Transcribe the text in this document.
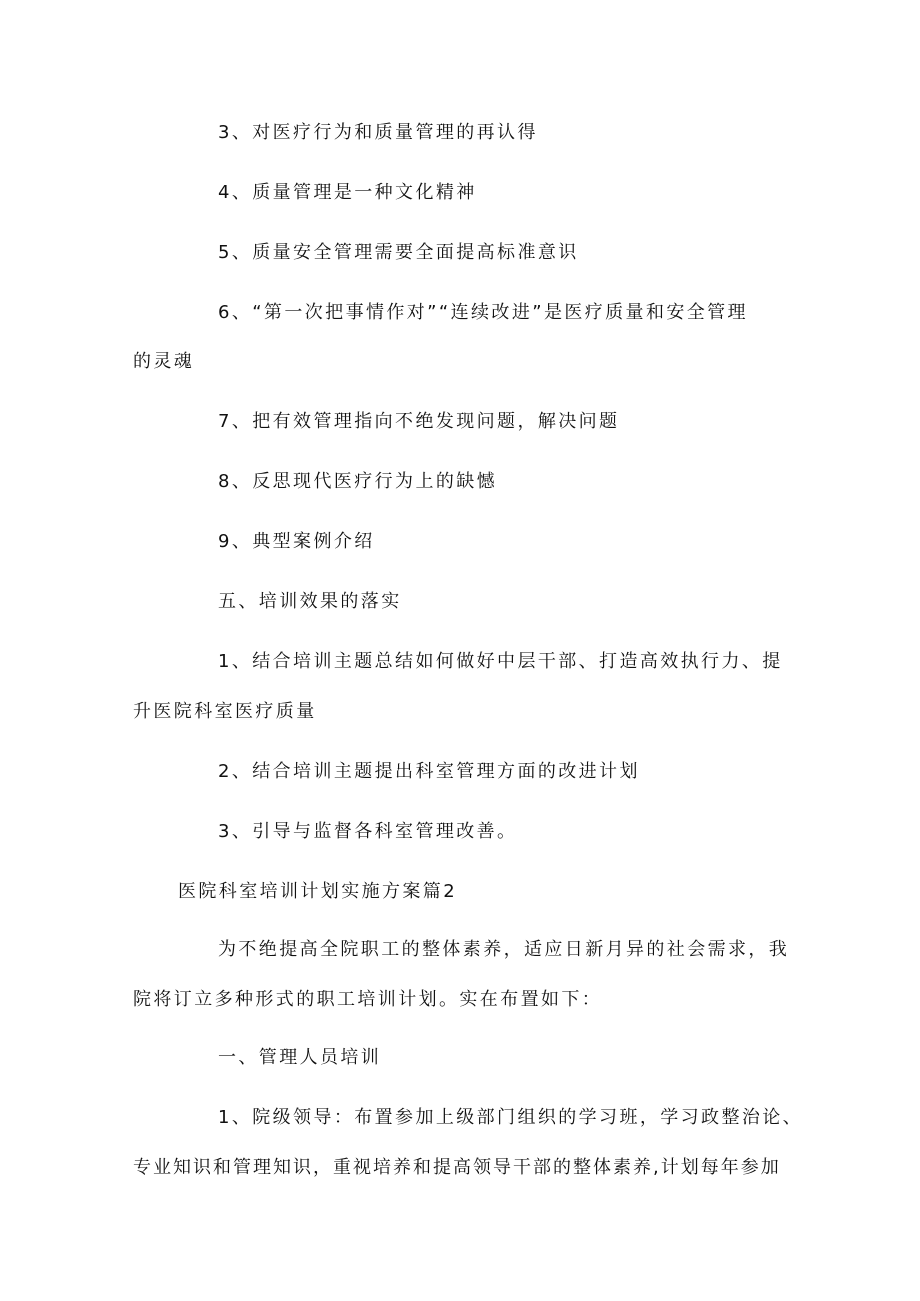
3、对医疗行为和质量管理的再认得
4、质量管理是一种文化精神
5、质量安全管理需要全面提高标准意识
6、“第一次把事情作对”“连续改进”是医疗质量和安全管理
的灵魂
7、把有效管理指向不绝发现问题，解决问题
8、反思现代医疗行为上的缺憾
9、典型案例介绍
五、培训效果的落实
1、结合培训主题总结如何做好中层干部、打造高效执行力、提
升医院科室医疗质量
2、结合培训主题提出科室管理方面的改进计划
3、引导与监督各科室管理改善。
医院科室培训计划实施方案篇2
为不绝提高全院职工的整体素养，适应日新月异的社会需求，我
院将订立多种形式的职工培训计划。实在布置如下：
一、管理人员培训
1、院级领导：布置参加上级部门组织的学习班，学习政整治论、
专业知识和管理知识，重视培养和提高领导干部的整体素养,计划每年参加
